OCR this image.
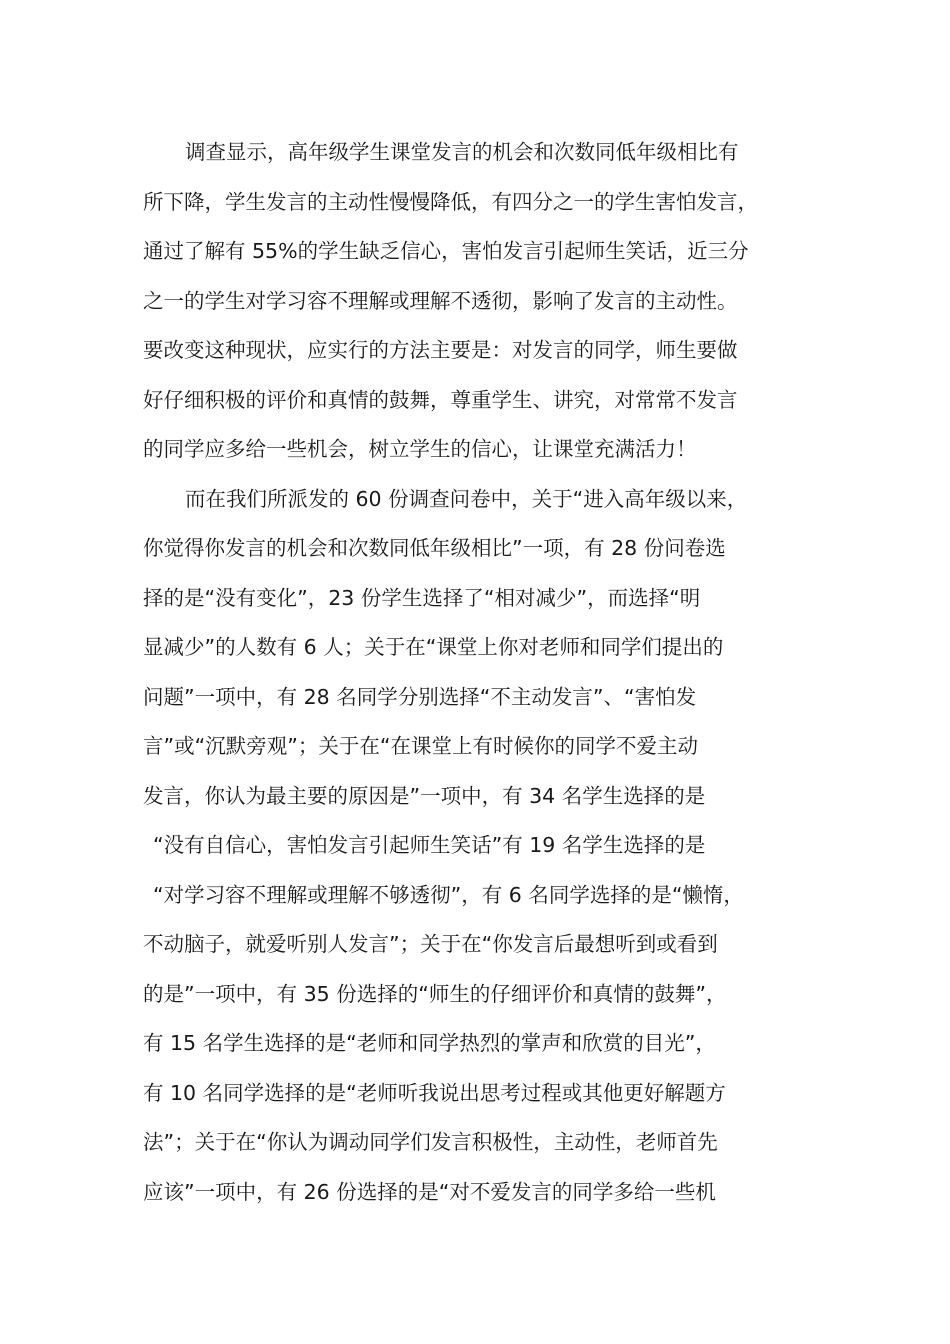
调查显示，高年级学生课堂发言的机会和次数同低年级相比有
所下降，学生发言的主动性慢慢降低，有四分之一的学生害怕发言，
通过了解有 55%的学生缺乏信心，害怕发言引起师生笑话，近三分
之一的学生对学习容不理解或理解不透彻，影响了发言的主动性。
要改变这种现状，应实行的方法主要是：对发言的同学，师生要做
好仔细积极的评价和真情的鼓舞，尊重学生、讲究，对常常不发言
的同学应多给一些机会，树立学生的信心，让课堂充满活力！
而在我们所派发的 60 份调查问卷中，关于“进入高年级以来，
你觉得你发言的机会和次数同低年级相比”一项，有 28 份问卷选
择的是“没有变化”，23 份学生选择了“相对减少”，而选择“明
显减少”的人数有 6 人；关于在“课堂上你对老师和同学们提出的
问题”一项中，有 28 名同学分别选择“不主动发言”、“害怕发
言”或“沉默旁观”；关于在“在课堂上有时候你的同学不爱主动
发言，你认为最主要的原因是”一项中，有 34 名学生选择的是
“没有自信心，害怕发言引起师生笑话”有 19 名学生选择的是
“对学习容不理解或理解不够透彻”，有 6 名同学选择的是“懒惰，
不动脑子，就爱听别人发言”；关于在“你发言后最想听到或看到
的是”一项中，有 35 份选择的“师生的仔细评价和真情的鼓舞”，
有 15 名学生选择的是“老师和同学热烈的掌声和欣赏的目光”，
有 10 名同学选择的是“老师听我说出思考过程或其他更好解题方
法”；关于在“你认为调动同学们发言积极性，主动性，老师首先
应该”一项中，有 26 份选择的是“对不爱发言的同学多给一些机
